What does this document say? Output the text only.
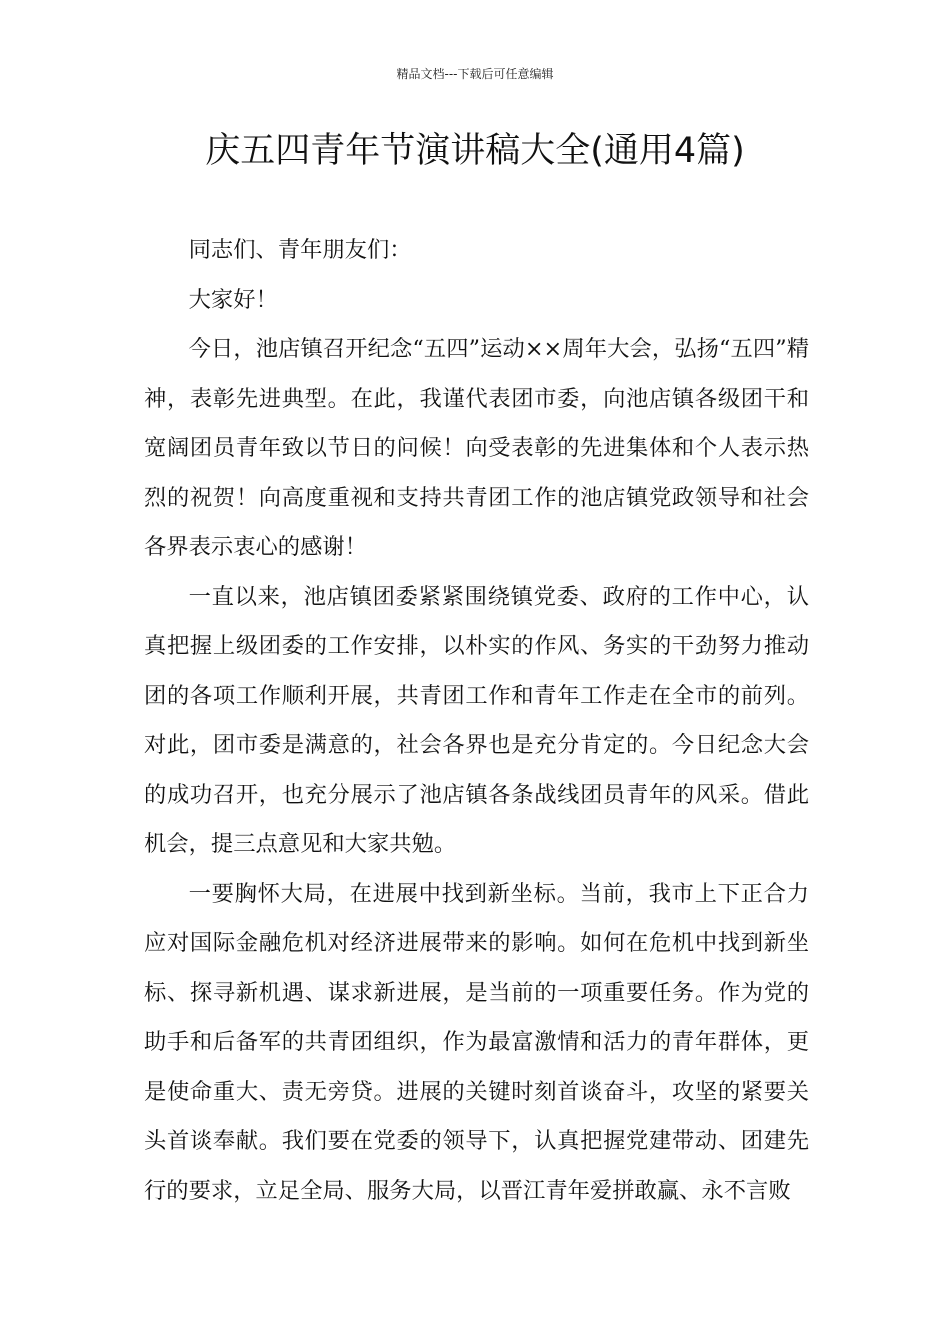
精品文档---下载后可任意编辑
庆五四青年节演讲稿大全(通用4篇)

同志们、青年朋友们：

大家好！

今日，池店镇召开纪念“五四”运动××周年大会，弘扬“五四”精神，表彰先进典型。在此，我谨代表团市委，向池店镇各级团干和宽阔团员青年致以节日的问候！向受表彰的先进集体和个人表示热烈的祝贺！向高度重视和支持共青团工作的池店镇党政领导和社会各界表示衷心的感谢！

一直以来，池店镇团委紧紧围绕镇党委、政府的工作中心，认真把握上级团委的工作安排，以朴实的作风、务实的干劲努力推动团的各项工作顺利开展，共青团工作和青年工作走在全市的前列。对此，团市委是满意的，社会各界也是充分肯定的。今日纪念大会的成功召开，也充分展示了池店镇各条战线团员青年的风采。借此机会，提三点意见和大家共勉。

一要胸怀大局，在进展中找到新坐标。当前，我市上下正合力应对国际金融危机对经济进展带来的影响。如何在危机中找到新坐标、探寻新机遇、谋求新进展，是当前的一项重要任务。作为党的助手和后备军的共青团组织，作为最富激情和活力的青年群体，更是使命重大、责无旁贷。进展的关键时刻首谈奋斗，攻坚的紧要关头首谈奉献。我们要在党委的领导下，认真把握党建带动、团建先行的要求，立足全局、服务大局，以晋江青年爱拼敢赢、永不言败
